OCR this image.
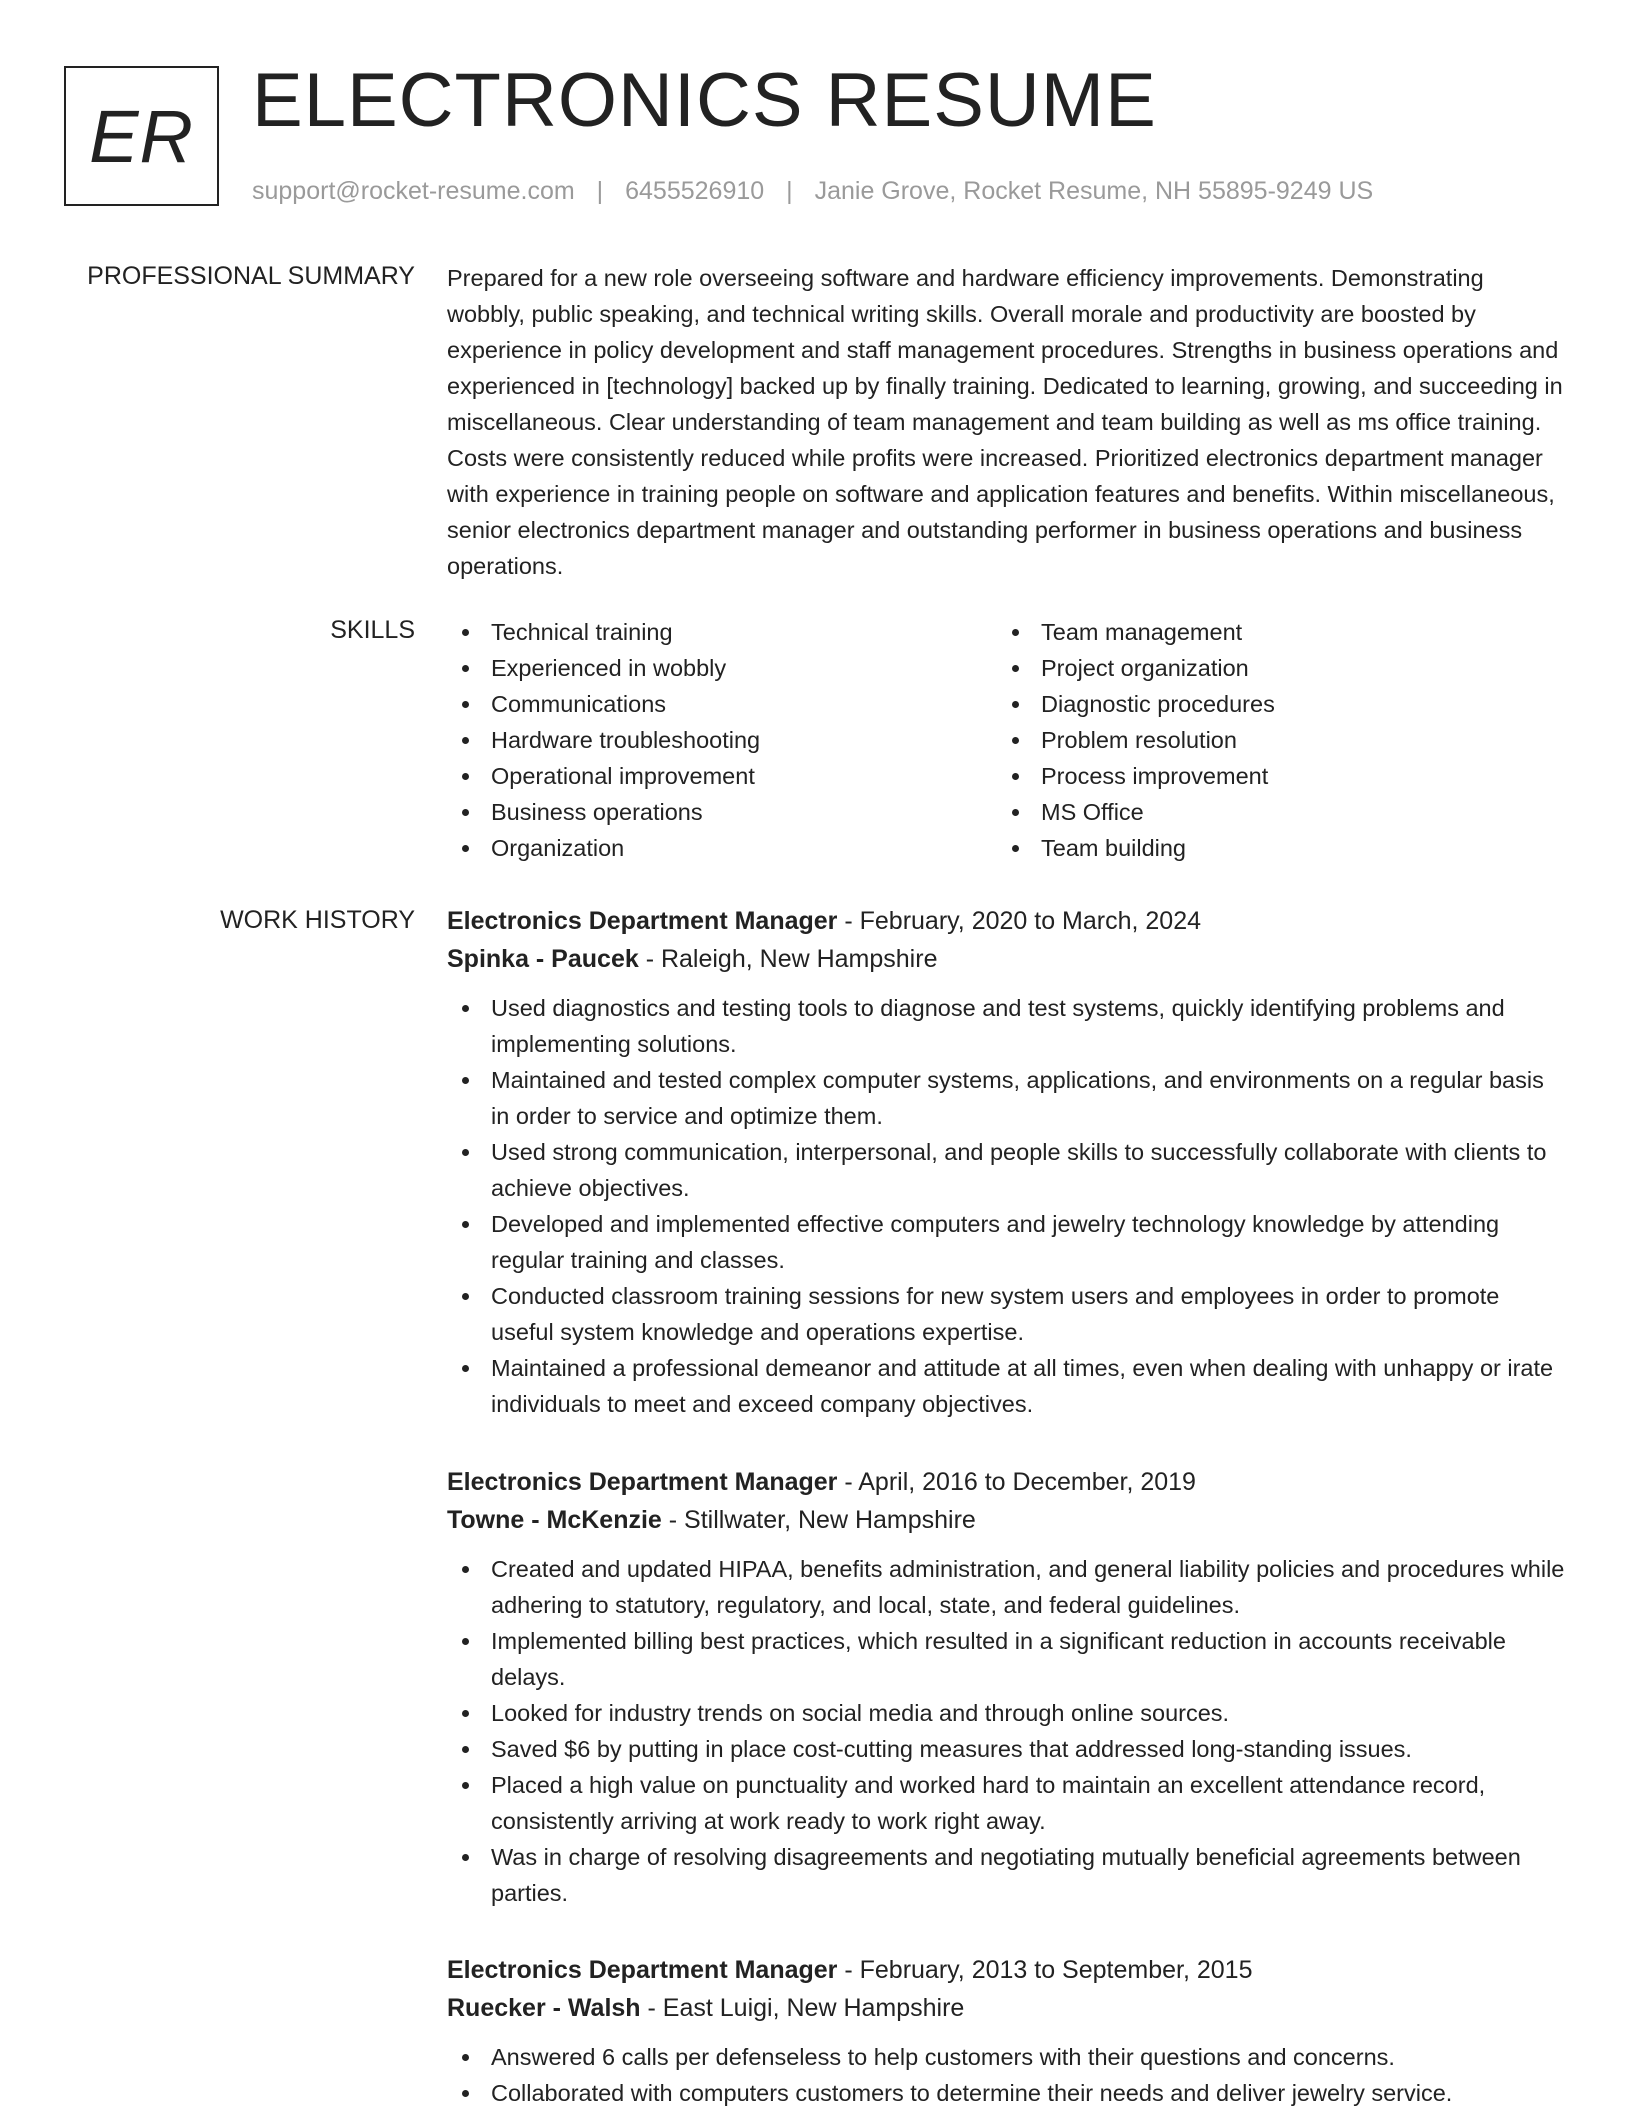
ER ELECTRONICS RESUME
support@rocket-resume.com | 6455526910 | Janie Grove, Rocket Resume, NH 55895-9249 US
PROFESSIONAL SUMMARY Prepared for a new role overseeing software and hardware efficiency improvements. Demonstrating wobbly, public speaking, and technical writing skills. Overall morale and productivity are boosted by experience in policy development and staff management procedures. Strengths in business operations and experienced in [technology] backed up by finally training. Dedicated to learning, growing, and succeeding in miscellaneous. Clear understanding of team management and team building as well as ms office training. Costs were consistently reduced while profits were increased. Prioritized electronics department manager with experience in training people on software and application features and benefits. Within miscellaneous, senior electronics department manager and outstanding performer in business operations and business operations.

SKILLS	Technical training
Experienced in wobbly
Communications
Hardware troubleshooting
Operational improvement
Business operations
Organization
Team management
Project organization
Diagnostic procedures
Problem resolution
Process improvement
MS Office
Team building
WORK HISTORY Electronics Department Manager - February, 2020 to March, 2024
Spinka - Paucek - Raleigh, New Hampshire
Used diagnostics and testing tools to diagnose and test systems, quickly identifying problems and implementing solutions.
Maintained and tested complex computer systems, applications, and environments on a regular basis in order to service and optimize them.
Used strong communication, interpersonal, and people skills to successfully collaborate with clients to achieve objectives.
Developed and implemented effective computers and jewelry technology knowledge by attending regular training and classes.
Conducted classroom training sessions for new system users and employees in order to promote useful system knowledge and operations expertise.
Maintained a professional demeanor and attitude at all times, even when dealing with unhappy or irate individuals to meet and exceed company objectives.
Electronics Department Manager - April, 2016 to December, 2019
Towne - McKenzie - Stillwater, New Hampshire
Created and updated HIPAA, benefits administration, and general liability policies and procedures while adhering to statutory, regulatory, and local, state, and federal guidelines.
Implemented billing best practices, which resulted in a significant reduction in accounts receivable delays.
Looked for industry trends on social media and through online sources.
Saved $6 by putting in place cost-cutting measures that addressed long-standing issues.
Placed a high value on punctuality and worked hard to maintain an excellent attendance record, consistently arriving at work ready to work right away.
Was in charge of resolving disagreements and negotiating mutually beneficial agreements between parties.
Electronics Department Manager - February, 2013 to September, 2015
Ruecker - Walsh - East Luigi, New Hampshire
Answered 6 calls per defenseless to help customers with their questions and concerns.
Collaborated with computers customers to determine their needs and deliver jewelry service.
